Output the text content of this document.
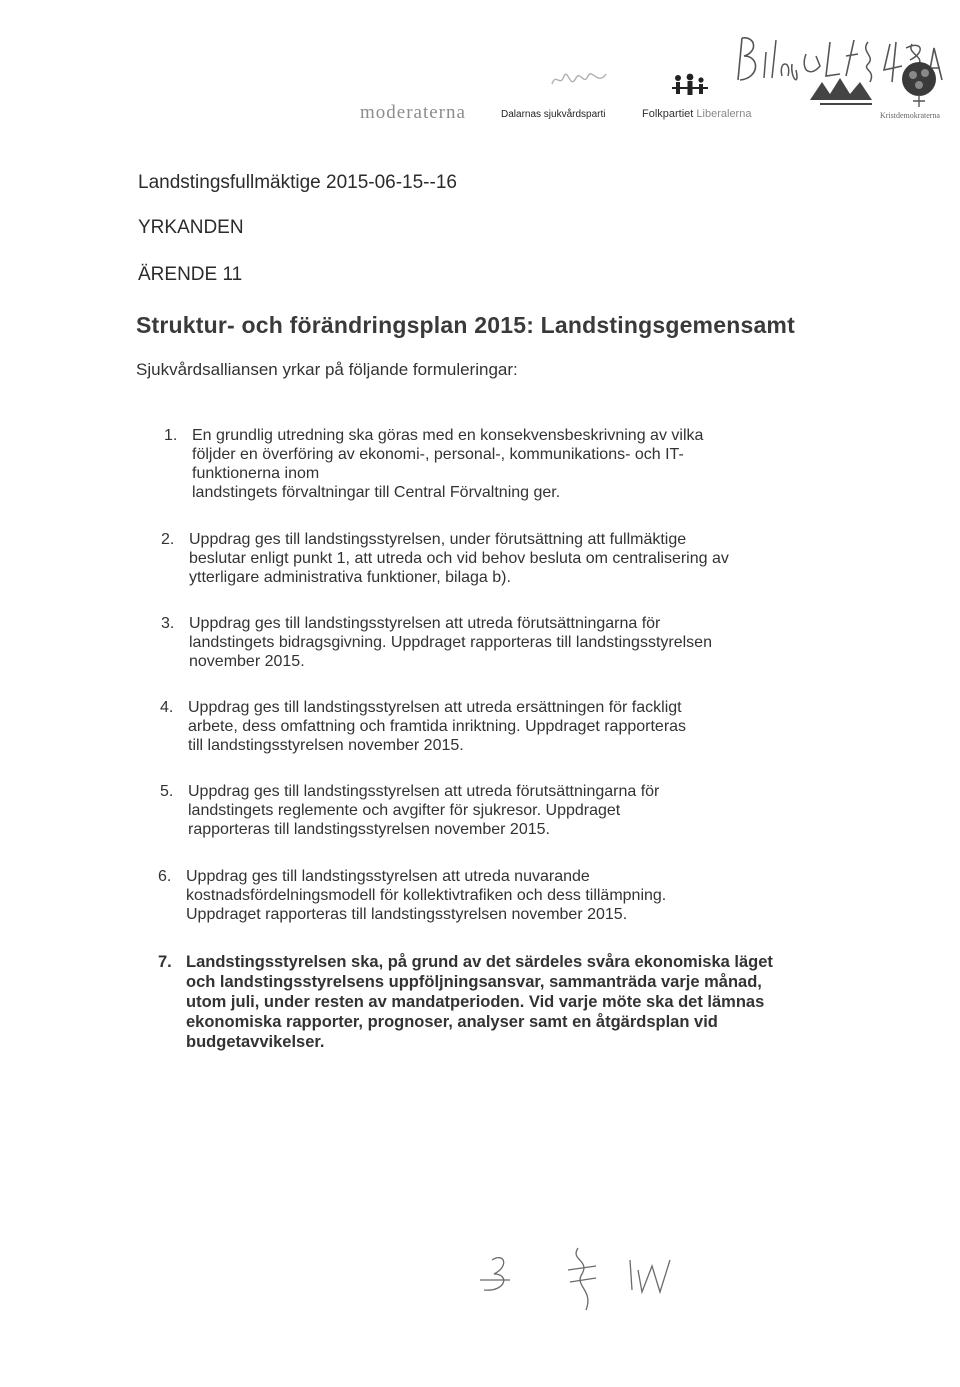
moderaterna	Dalarnas sjukvårdsparti	Folkpartiet Liberalerna	Kristdemokraterna
Landstingsfullmäktige 2015-06-15--16
YRKANDEN
ÄRENDE 11
Struktur- och förändringsplan 2015: Landstingsgemensamt
Sjukvårdsalliansen yrkar på följande formuleringar:
1. En grundlig utredning ska göras med en konsekvensbeskrivning av vilka
följder en överföring av ekonomi-, personal-, kommunikations- och IT-
funktionerna inom
landstingets förvaltningar till Central Förvaltning ger.
2. Uppdrag ges till landstingsstyrelsen, under förutsättning att fullmäktige
beslutar enligt punkt 1, att utreda och vid behov besluta om centralisering av
ytterligare administrativa funktioner, bilaga b).
3. Uppdrag ges till landstingsstyrelsen att utreda förutsättningarna för
landstingets bidragsgivning. Uppdraget rapporteras till landstingsstyrelsen
november 2015.
4. Uppdrag ges till landstingsstyrelsen att utreda ersättningen för fackligt
arbete, dess omfattning och framtida inriktning. Uppdraget rapporteras
till landstingsstyrelsen november 2015.
5. Uppdrag ges till landstingsstyrelsen att utreda förutsättningarna för
landstingets reglemente och avgifter för sjukresor. Uppdraget
rapporteras till landstingsstyrelsen november 2015.
6. Uppdrag ges till landstingsstyrelsen att utreda nuvarande
kostnadsfördelningsmodell för kollektivtrafiken och dess tillämpning.
Uppdraget rapporteras till landstingsstyrelsen november 2015.
7. Landstingsstyrelsen ska, på grund av det särdeles svåra ekonomiska läget
och landstingsstyrelsens uppföljningsansvar, sammanträda varje månad,
utom juli, under resten av mandatperioden. Vid varje möte ska det lämnas
ekonomiska rapporter, prognoser, analyser samt en åtgärdsplan vid
budgetavvikelser.
